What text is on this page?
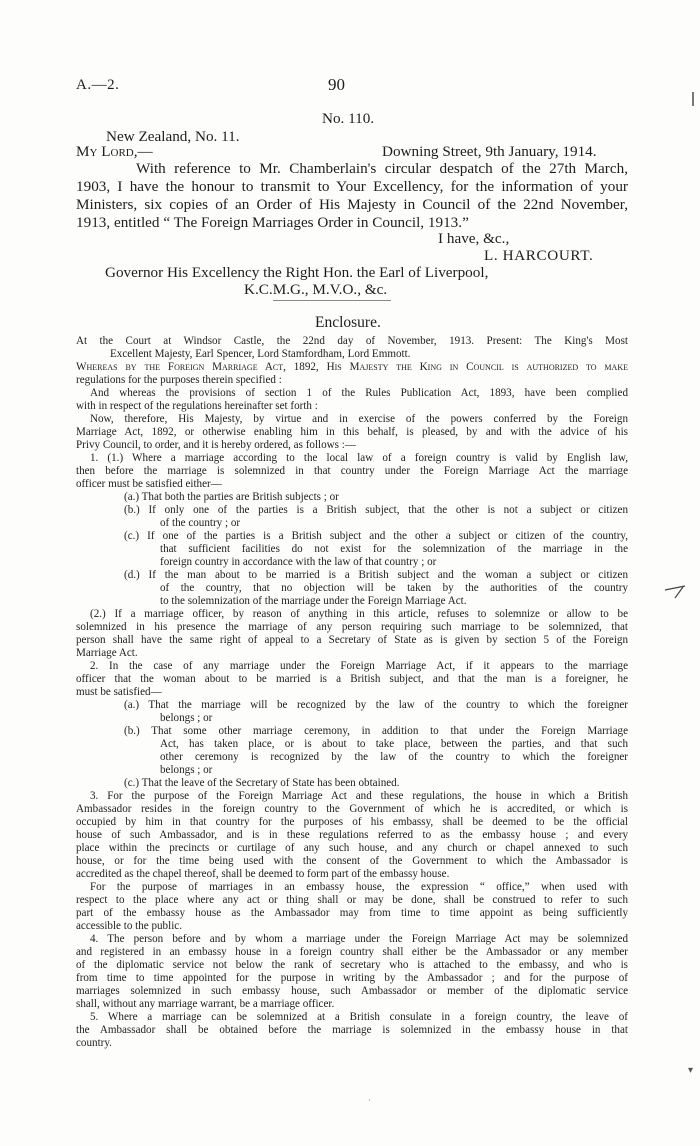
A.—2.	90
No. 110.
New Zealand, No. 11.
My Lord,—	Downing Street, 9th January, 1914.
With reference to Mr. Chamberlain's circular despatch of the 27th March,
1903, I have the honour to transmit to Your Excellency, for the information of your
Ministers, six copies of an Order of His Majesty in Council of the 22nd November,
1913, entitled “ The Foreign Marriages Order in Council, 1913.”
I have, &c.,
L. HARCOURT.
Governor His Excellency the Right Hon. the Earl of Liverpool,
K.C.M.G., M.V.O., &c.
Enclosure.
At the Court at Windsor Castle, the 22nd day of November, 1913. Present: The King's Most
Excellent Majesty, Earl Spencer, Lord Stamfordham, Lord Emmott.
Whereas by the Foreign Marriage Act, 1892, His Majesty the King in Council is authorized to make
regulations for the purposes therein specified :
And whereas the provisions of section 1 of the Rules Publication Act, 1893, have been complied
with in respect of the regulations hereinafter set forth :
Now, therefore, His Majesty, by virtue and in exercise of the powers conferred by the Foreign
Marriage Act, 1892, or otherwise enabling him in this behalf, is pleased, by and with the advice of his
Privy Council, to order, and it is hereby ordered, as follows :—
1. (1.) Where a marriage according to the local law of a foreign country is valid by English law,
then before the marriage is solemnized in that country under the Foreign Marriage Act the marriage
officer must be satisfied either—
(a.) That both the parties are British subjects ; or
(b.) If only one of the parties is a British subject, that the other is not a subject or citizen
of the country ; or
(c.) If one of the parties is a British subject and the other a subject or citizen of the country,
that sufficient facilities do not exist for the solemnization of the marriage in the
foreign country in accordance with the law of that country ; or
(d.) If the man about to be married is a British subject and the woman a subject or citizen
of the country, that no objection will be taken by the authorities of the country
to the solemnization of the marriage under the Foreign Marriage Act.
(2.) If a marriage officer, by reason of anything in this article, refuses to solemnize or allow to be
solemnized in his presence the marriage of any person requiring such marriage to be solemnized, that
person shall have the same right of appeal to a Secretary of State as is given by section 5 of the Foreign
Marriage Act.
2. In the case of any marriage under the Foreign Marriage Act, if it appears to the marriage
officer that the woman about to be married is a British subject, and that the man is a foreigner, he
must be satisfied—
(a.) That the marriage will be recognized by the law of the country to which the foreigner
belongs ; or
(b.) That some other marriage ceremony, in addition to that under the Foreign Marriage
Act, has taken place, or is about to take place, between the parties, and that such
other ceremony is recognized by the law of the country to which the foreigner
belongs ; or
(c.) That the leave of the Secretary of State has been obtained.
3. For the purpose of the Foreign Marriage Act and these regulations, the house in which a British
Ambassador resides in the foreign country to the Government of which he is accredited, or which is
occupied by him in that country for the purposes of his embassy, shall be deemed to be the official
house of such Ambassador, and is in these regulations referred to as the embassy house ; and every
place within the precincts or curtilage of any such house, and any church or chapel annexed to such
house, or for the time being used with the consent of the Government to which the Ambassador is
accredited as the chapel thereof, shall be deemed to form part of the embassy house.
For the purpose of marriages in an embassy house, the expression “ office,” when used with
respect to the place where any act or thing shall or may be done, shall be construed to refer to such
part of the embassy house as the Ambassador may from time to time appoint as being sufficiently
accessible to the public.
4. The person before and by whom a marriage under the Foreign Marriage Act may be solemnized
and registered in an embassy house in a foreign country shall either be the Ambassador or any member
of the diplomatic service not below the rank of secretary who is attached to the embassy, and who is
from time to time appointed for the purpose in writing by the Ambassador ; and for the purpose of
marriages solemnized in such embassy house, such Ambassador or member of the diplomatic service
shall, without any marriage warrant, be a marriage officer.
5. Where a marriage can be solemnized at a British consulate in a foreign country, the leave of
the Ambassador shall be obtained before the marriage is solemnized in the embassy house in that
country.
▾
·
